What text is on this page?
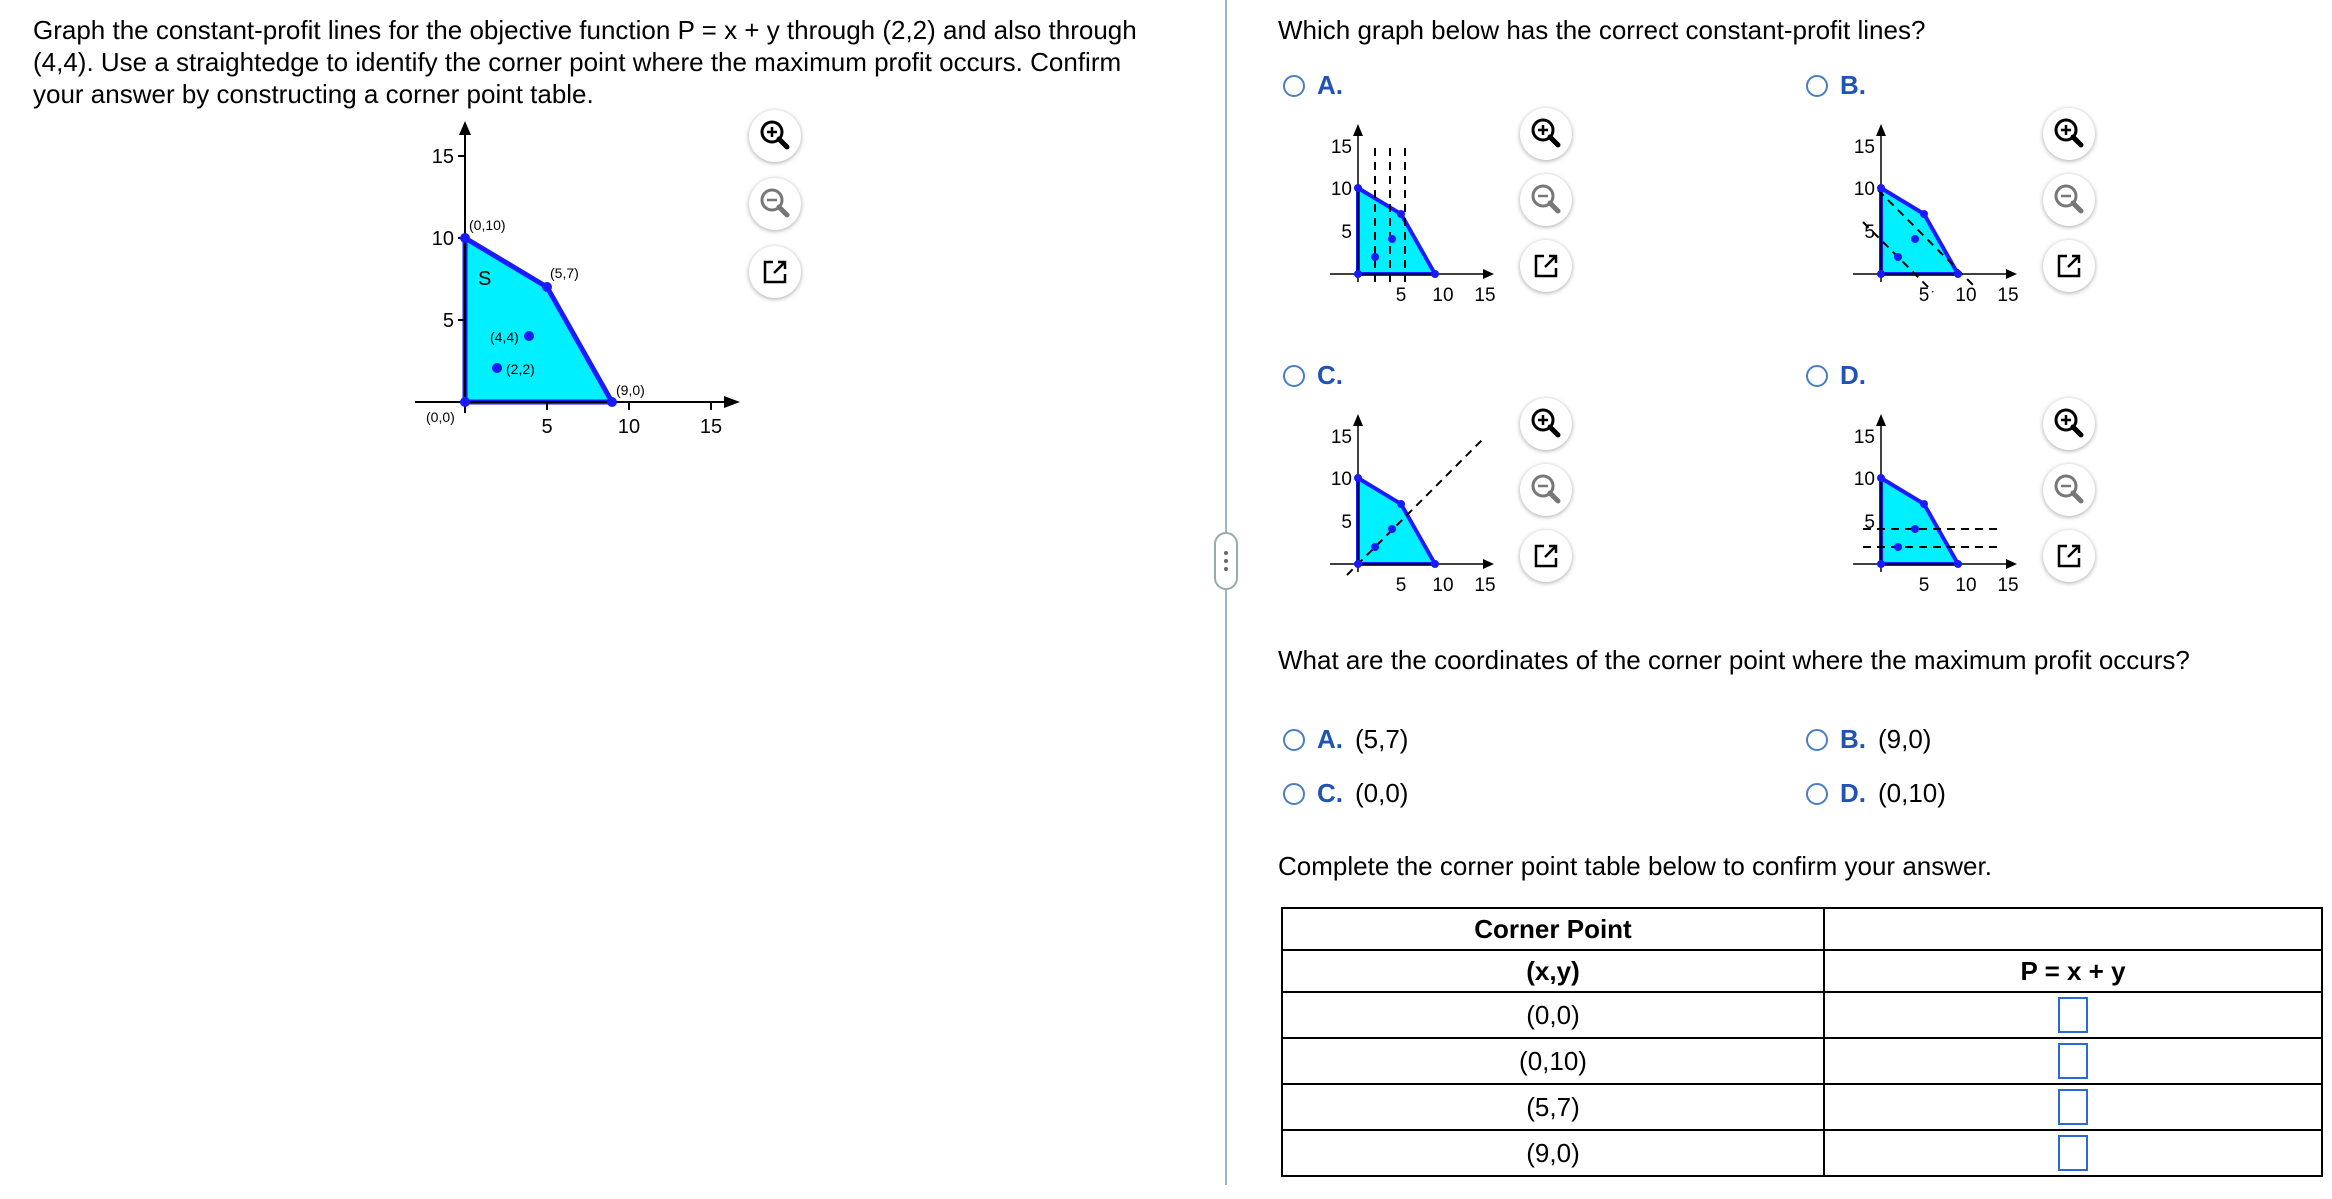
Graph the constant-profit lines for the objective function P = x + y through (2,2) and also through (4,4). Use a straightedge to identify the corner point where the maximum profit occurs. Confirm your answer by constructing a corner point table.
15
10
5
5	10	15
S
(0,10)
(5,7)
(9,0)
(0,0)
(4,4)
(2,2)
Which graph below has the correct constant-profit lines?
A.
15
10
5
5 10 15
B.
15
10
5
5 10 15
C.
15
10
5
5 10 15
D.
15
10
5
5 10 15
What are the coordinates of the corner point where the maximum profit occurs?
A. (5,7)	B. (9,0)
C. (0,0)	D. (0,10)
Complete the corner point table below to confirm your answer.
Corner Point	
(x,y)	P = x + y
(0,0)	
(0,10)	
(5,7)	
(9,0)	
